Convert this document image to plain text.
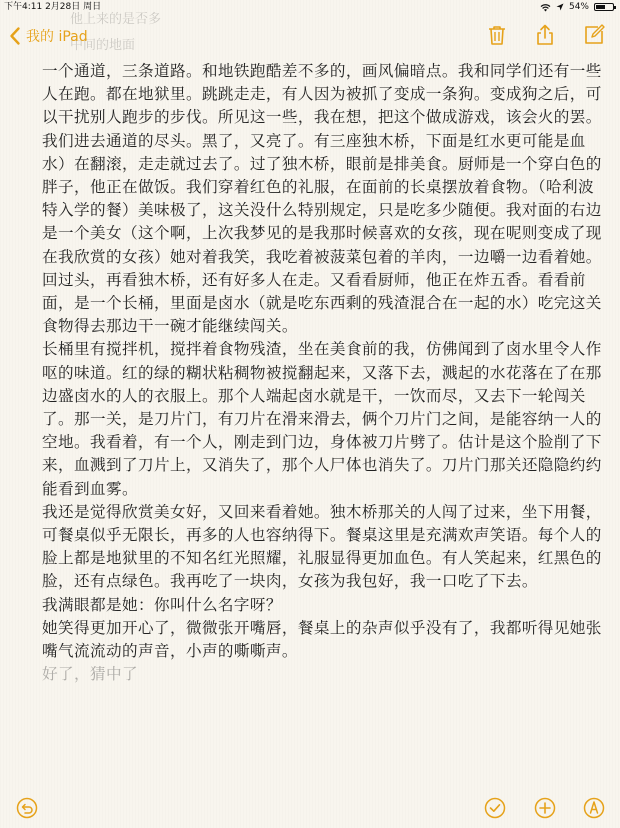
下午4:11 2月28日 周日	54%
他上来的是否多
中间的地面
我的 iPad

一个通道，三条道路。和地铁跑酷差不多的，画风偏暗点。我和同学们还有一些人在跑。都在地狱里。跳跳走走，有人因为被抓了变成一条狗。变成狗之后，可以干扰别人跑步的步伐。所见这一些，我在想，把这个做成游戏，该会火的罢。

我们进去通道的尽头。黑了，又亮了。有三座独木桥，下面是红水更可能是血水）在翻滚，走走就过去了。过了独木桥，眼前是排美食。厨师是一个穿白色的胖子，他正在做饭。我们穿着红色的礼服，在面前的长桌摆放着食物。（哈利波特入学的餐）美味极了，这关没什么特别规定，只是吃多少随便。我对面的右边是一个美女（这个啊，上次我梦见的是我那时候喜欢的女孩，现在呢则变成了现在我欣赏的女孩）她对着我笑，我吃着被菠菜包着的羊肉，一边嚼一边看着她。回过头，再看独木桥，还有好多人在走。又看看厨师，他正在炸五香。看看前面，是一个长桶，里面是卤水（就是吃东西剩的残渣混合在一起的水）吃完这关食物得去那边干一碗才能继续闯关。

长桶里有搅拌机，搅拌着食物残渣，坐在美食前的我，仿佛闻到了卤水里令人作呕的味道。红的绿的糊状粘稠物被搅翻起来，又落下去，溅起的水花落在了在那边盛卤水的人的衣服上。那个人端起卤水就是干，一饮而尽，又去下一轮闯关了。那一关，是刀片门，有刀片在滑来滑去，俩个刀片门之间，是能容纳一人的空地。我看着，有一个人，刚走到门边，身体被刀片劈了。估计是这个脸削了下来，血溅到了刀片上，又消失了，那个人尸体也消失了。刀片门那关还隐隐约约能看到血雾。

我还是觉得欣赏美女好，又回来看着她。独木桥那关的人闯了过来，坐下用餐，可餐桌似乎无限长，再多的人也容纳得下。餐桌这里是充满欢声笑语。每个人的脸上都是地狱里的不知名红光照耀，礼服显得更加血色。有人笑起来，红黑色的脸，还有点绿色。我再吃了一块肉，女孩为我包好，我一口吃了下去。

我满眼都是她：你叫什么名字呀？

她笑得更加开心了，微微张开嘴唇，餐桌上的杂声似乎没有了，我都听得见她张嘴气流流动的声音，小声的嘶嘶声。

好了，猜中了
